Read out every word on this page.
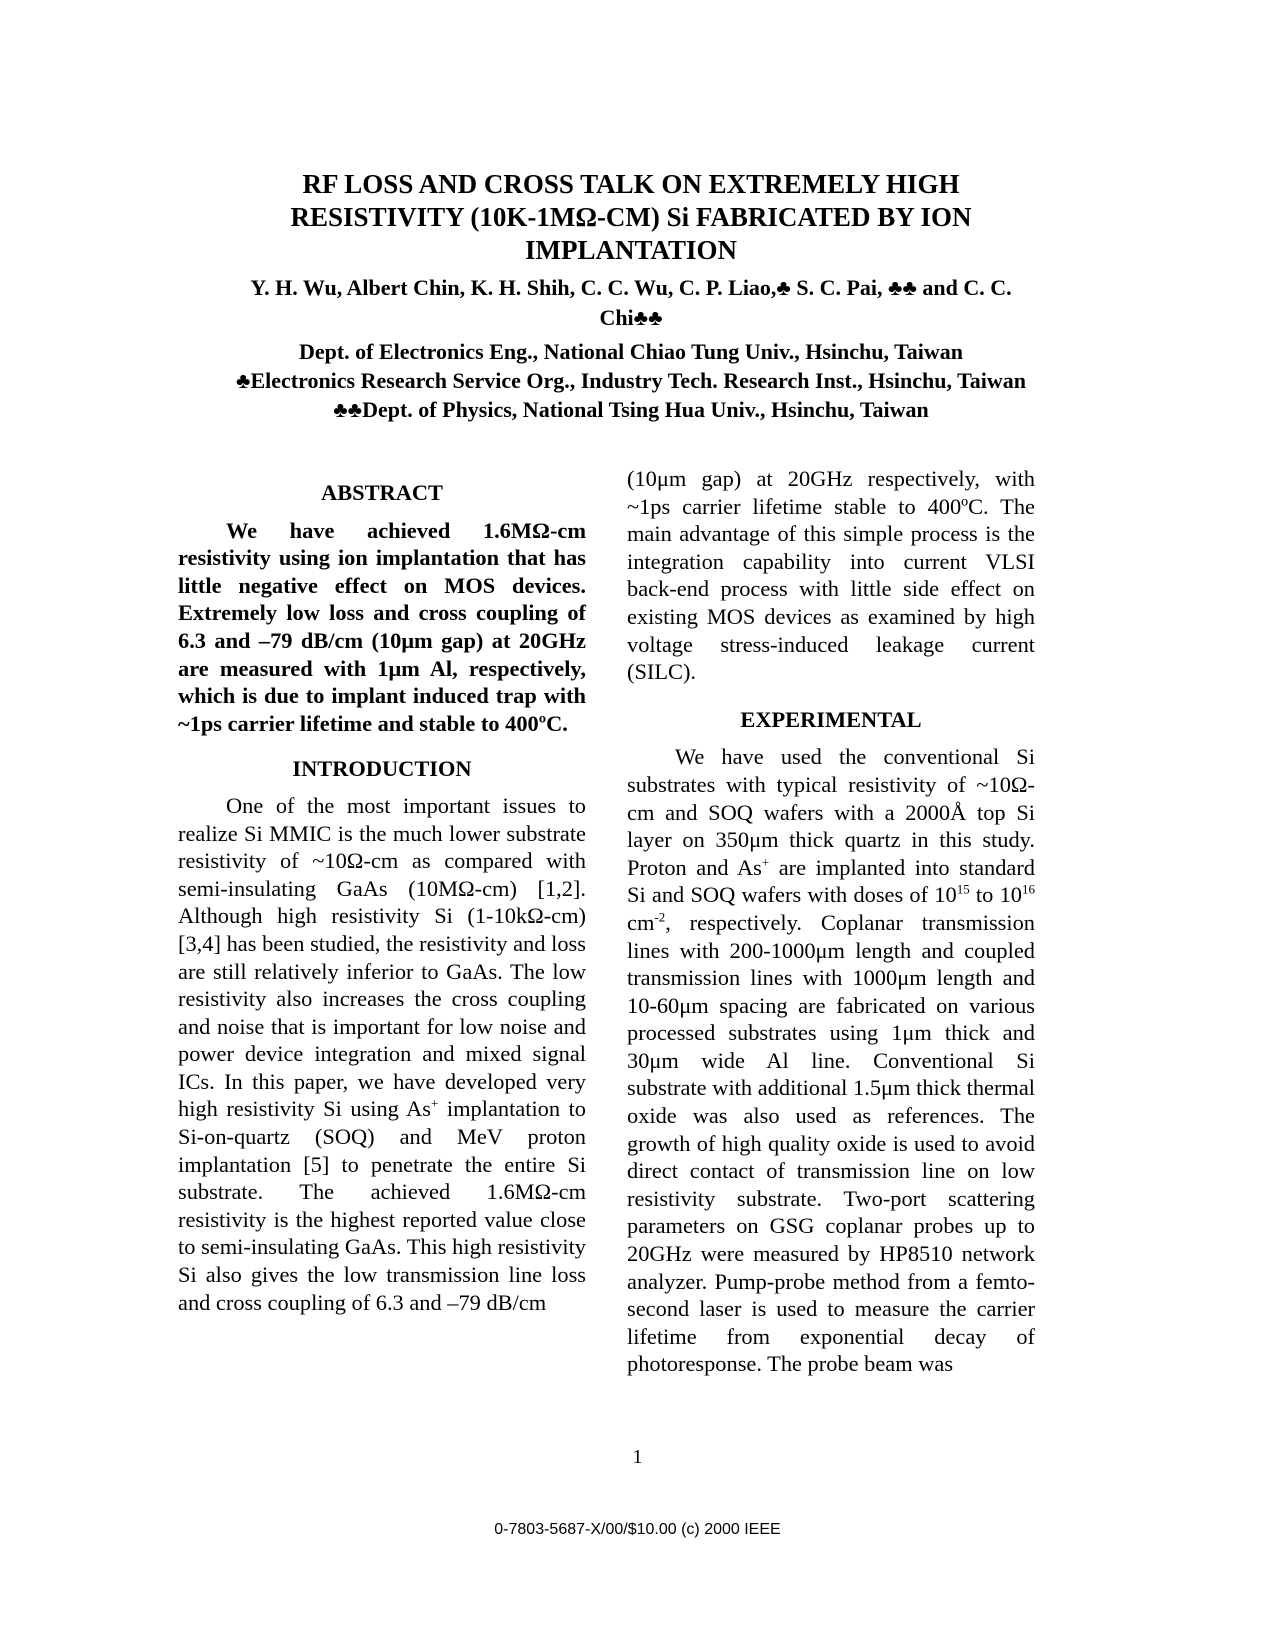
RF LOSS AND CROSS TALK ON EXTREMELY HIGH
RESISTIVITY (10K-1MΩ-CM) Si FABRICATED BY ION
IMPLANTATION
Y. H. Wu, Albert Chin, K. H. Shih, C. C. Wu, C. P. Liao,♣ S. C. Pai, ♣♣ and C. C.
Chi♣♣
Dept. of Electronics Eng., National Chiao Tung Univ., Hsinchu, Taiwan
♣Electronics Research Service Org., Industry Tech. Research Inst., Hsinchu, Taiwan
♣♣Dept. of Physics, National Tsing Hua Univ., Hsinchu, Taiwan
ABSTRACT

We have achieved 1.6MΩ-cm resistivity using ion implantation that has little negative effect on MOS devices. Extremely low loss and cross coupling of 6.3 and –79 dB/cm (10μm gap) at 20GHz are measured with 1μm Al, respectively, which is due to implant induced trap with ~1ps carrier lifetime and stable to 400ºC.

INTRODUCTION

One of the most important issues to realize Si MMIC is the much lower substrate resistivity of ~10Ω-cm as compared with semi-insulating GaAs (10MΩ-cm) [1,2]. Although high resistivity Si (1-10kΩ-cm) [3,4] has been studied, the resistivity and loss are still relatively inferior to GaAs. The low resistivity also increases the cross coupling and noise that is important for low noise and power device integration and mixed signal ICs. In this paper, we have developed very high resistivity Si using As+ implantation to Si-on-quartz (SOQ) and MeV proton implantation [5] to penetrate the entire Si substrate. The achieved 1.6MΩ-cm resistivity is the highest reported value close to semi-insulating GaAs. This high resistivity Si also gives the low transmission line loss and cross coupling of 6.3 and –79 dB/cm

(10μm gap) at 20GHz respectively, with ~1ps carrier lifetime stable to 400ºC. The main advantage of this simple process is the integration capability into current VLSI back-end process with little side effect on existing MOS devices as examined by high voltage stress-induced leakage current (SILC).

EXPERIMENTAL

We have used the conventional Si substrates with typical resistivity of ~10Ω-cm and SOQ wafers with a 2000Å top Si layer on 350μm thick quartz in this study. Proton and As+ are implanted into standard Si and SOQ wafers with doses of $10^{15}$ to $10^{16}$ $cm^{-2}$, respectively. Coplanar transmission lines with 200-1000μm length and coupled transmission lines with 1000μm length and 10-60μm spacing are fabricated on various processed substrates using 1μm thick and 30μm wide Al line. Conventional Si substrate with additional 1.5μm thick thermal oxide was also used as references. The growth of high quality oxide is used to avoid direct contact of transmission line on low resistivity substrate. Two-port scattering parameters on GSG coplanar probes up to 20GHz were measured by HP8510 network analyzer. Pump-probe method from a femto-second laser is used to measure the carrier lifetime from exponential decay of photoresponse. The probe beam was

1
0-7803-5687-X/00/$10.00 (c) 2000 IEEE
